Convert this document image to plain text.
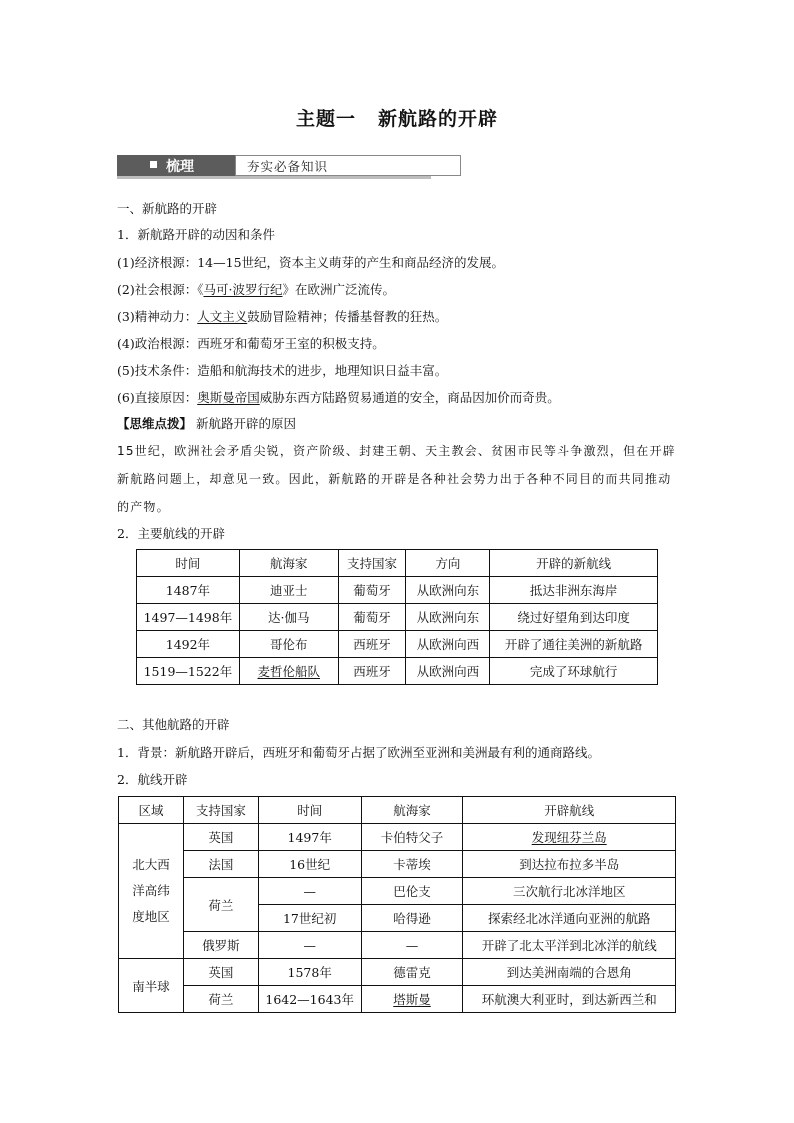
主题一 新航路的开辟
梳理	夯实必备知识
一、新航路的开辟
1．新航路开辟的动因和条件
(1)经济根源：14—15世纪，资本主义萌芽的产生和商品经济的发展。
(2)社会根源：《马可·波罗行纪》在欧洲广泛流传。
(3)精神动力：人文主义鼓励冒险精神；传播基督教的狂热。
(4)政治根源：西班牙和葡萄牙王室的积极支持。
(5)技术条件：造船和航海技术的进步，地理知识日益丰富。
(6)直接原因：奥斯曼帝国威胁东西方陆路贸易通道的安全，商品因加价而奇贵。
【思维点拨】 新航路开辟的原因
15世纪，欧洲社会矛盾尖锐，资产阶级、封建王朝、天主教会、贫困市民等斗争激烈，但在开辟新航路问题上，却意见一致。因此，新航路的开辟是各种社会势力出于各种不同目的而共同推动的产物。
2．主要航线的开辟
时间	航海家	支持国家	方向	开辟的新航线
1487年	迪亚士	葡萄牙	从欧洲向东	抵达非洲东海岸
1497—1498年	达·伽马	葡萄牙	从欧洲向东	绕过好望角到达印度
1492年	哥伦布	西班牙	从欧洲向西	开辟了通往美洲的新航路
1519—1522年	麦哲伦船队	西班牙	从欧洲向西	完成了环球航行
二、其他航路的开辟
1．背景：新航路开辟后，西班牙和葡萄牙占据了欧洲至亚洲和美洲最有利的通商路线。
2．航线开辟
区域	支持国家	时间	航海家	开辟航线
北大西洋高纬度地区	英国	1497年	卡伯特父子	发现纽芬兰岛
	法国	16世纪	卡蒂埃	到达拉布拉多半岛
	荷兰	—	巴伦支	三次航行北冰洋地区
		17世纪初	哈得逊	探索经北冰洋通向亚洲的航路
	俄罗斯	—	—	开辟了北太平洋到北冰洋的航线
南半球	英国	1578年	德雷克	到达美洲南端的合恩角
	荷兰	1642—1643年	塔斯曼	环航澳大利亚时，到达新西兰和
